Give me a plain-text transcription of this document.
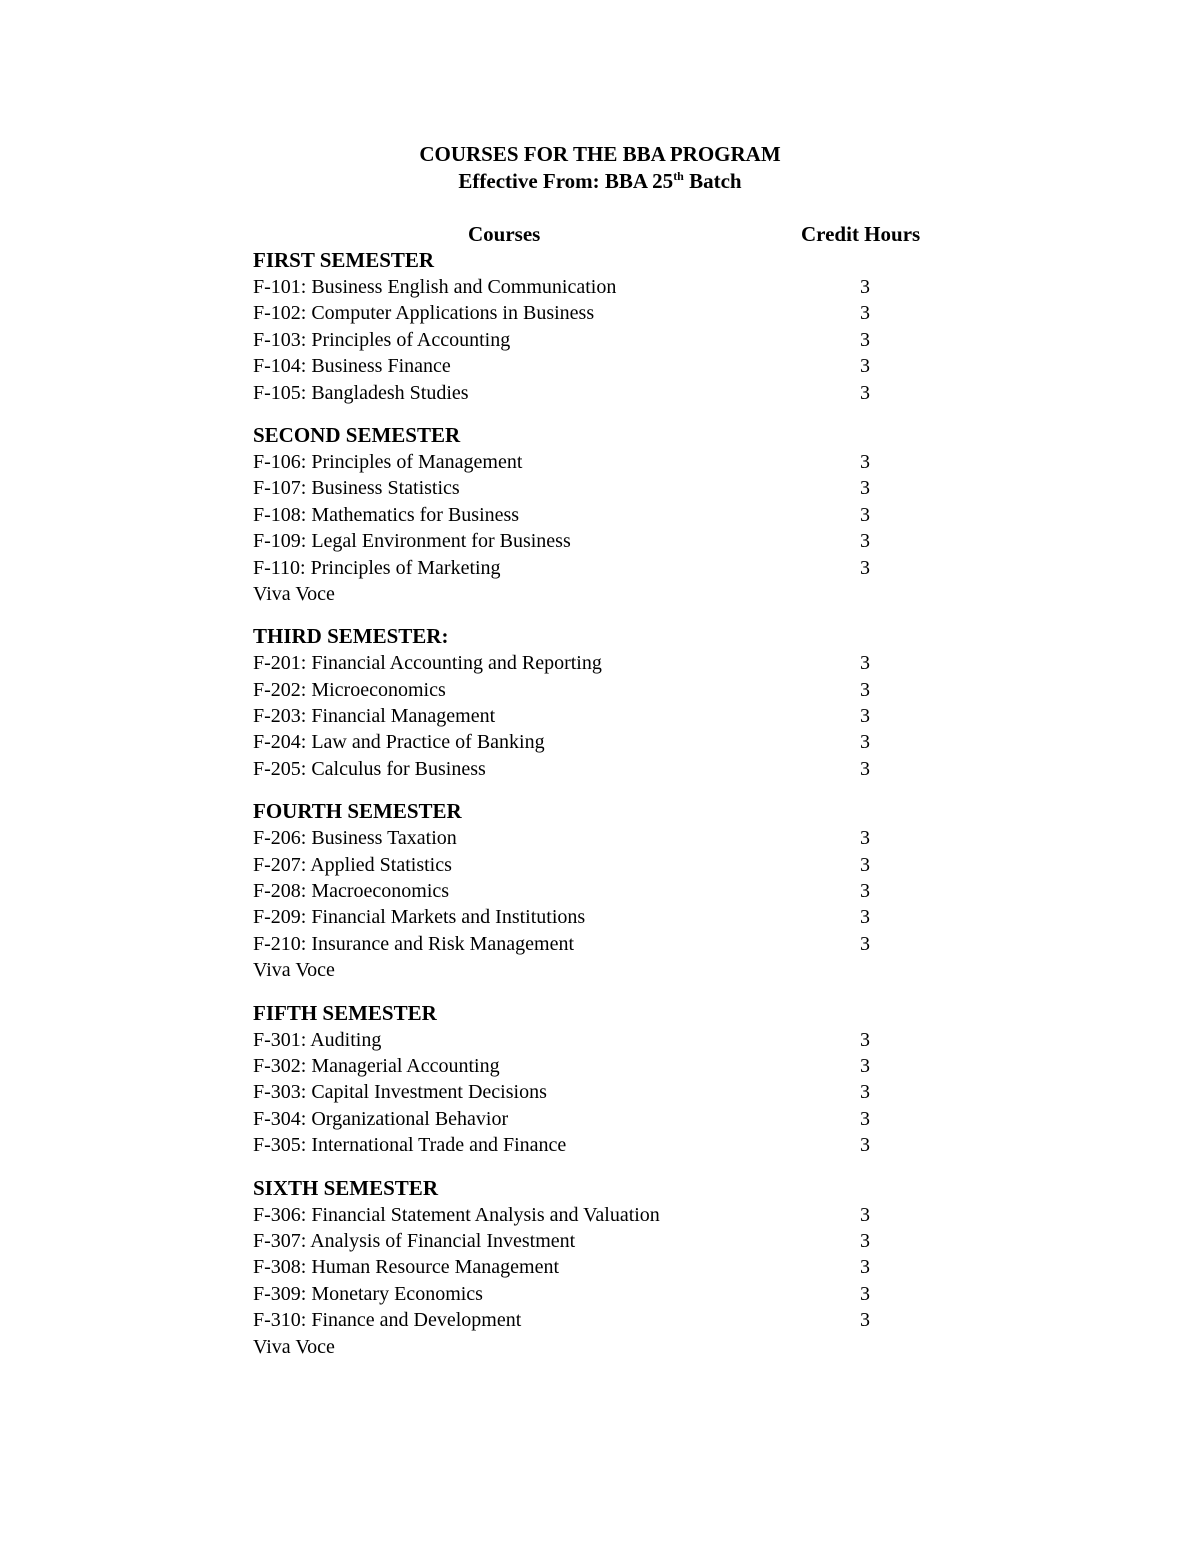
COURSES FOR THE BBA PROGRAM
Effective From: BBA 25th Batch
Courses	Credit Hours
FIRST SEMESTER
F-101: Business English and Communication	3
F-102: Computer Applications in Business	3
F-103: Principles of Accounting	3
F-104: Business Finance	3
F-105: Bangladesh Studies	3
SECOND SEMESTER
F-106: Principles of Management	3
F-107: Business Statistics	3
F-108: Mathematics for Business	3
F-109: Legal Environment for Business	3
F-110: Principles of Marketing	3
Viva Voce
THIRD SEMESTER:
F-201: Financial Accounting and Reporting	3
F-202: Microeconomics	3
F-203: Financial Management	3
F-204: Law and Practice of Banking	3
F-205: Calculus for Business	3
FOURTH SEMESTER
F-206: Business Taxation	3
F-207: Applied Statistics	3
F-208: Macroeconomics	3
F-209: Financial Markets and Institutions	3
F-210: Insurance and Risk Management	3
Viva Voce
FIFTH SEMESTER
F-301: Auditing	3
F-302: Managerial Accounting	3
F-303: Capital Investment Decisions	3
F-304: Organizational Behavior	3
F-305: International Trade and Finance	3
SIXTH SEMESTER
F-306: Financial Statement Analysis and Valuation	3
F-307: Analysis of Financial Investment	3
F-308: Human Resource Management	3
F-309: Monetary Economics	3
F-310: Finance and Development	3
Viva Voce
